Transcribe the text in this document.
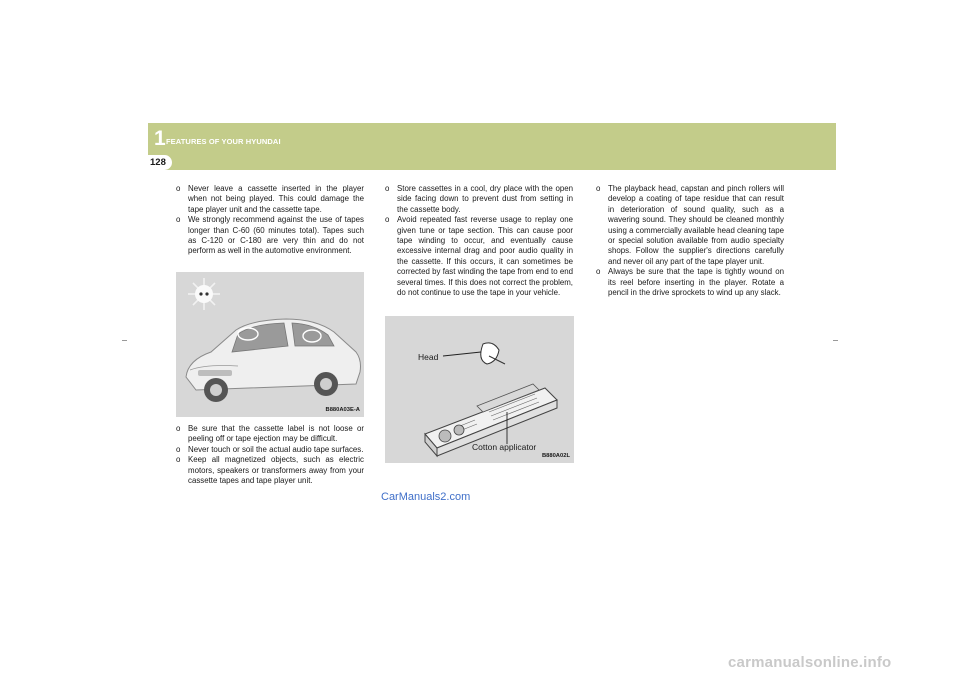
1 FEATURES OF YOUR HYUNDAI
128

o Never leave a cassette inserted in the player when not being played. This could damage the tape player unit and the cassette tape.

o We strongly recommend against the use of tapes longer than C-60 (60 minutes total). Tapes such as C-120 or C-180 are very thin and do not perform as well in the automotive environment.

B880A03E-A

o Be sure that the cassette label is not loose or peeling off or tape ejection may be difficult.

o Never touch or soil the actual audio tape surfaces.

o Keep all magnetized objects, such as electric motors, speakers or transformers away from your cassette tapes and tape player unit.

o Store cassettes in a cool, dry place with the open side facing down to prevent dust from setting in the cassette body.

o Avoid repeated fast reverse usage to replay one given tune or tape section. This can cause poor tape winding to occur, and eventually cause excessive internal drag and poor audio quality in the cassette. If this occurs, it can sometimes be corrected by fast winding the tape from end to end several times. If this does not correct the problem, do not continue to use the tape in your vehicle.

Head
Cotton applicator
B880A02L

o The playback head, capstan and pinch rollers will develop a coating of tape residue that can result in deterioration of sound quality, such as a wavering sound. They should be cleaned monthly using a commercially available head cleaning tape or special solution available from audio specialty shops. Follow the supplier's directions carefully and never oil any part of the tape player unit.

o Always be sure that the tape is tightly wound on its reel before inserting in the player. Rotate a pencil in the drive sprockets to wind up any slack.

CarManuals2.com
carmanualsonline.info
